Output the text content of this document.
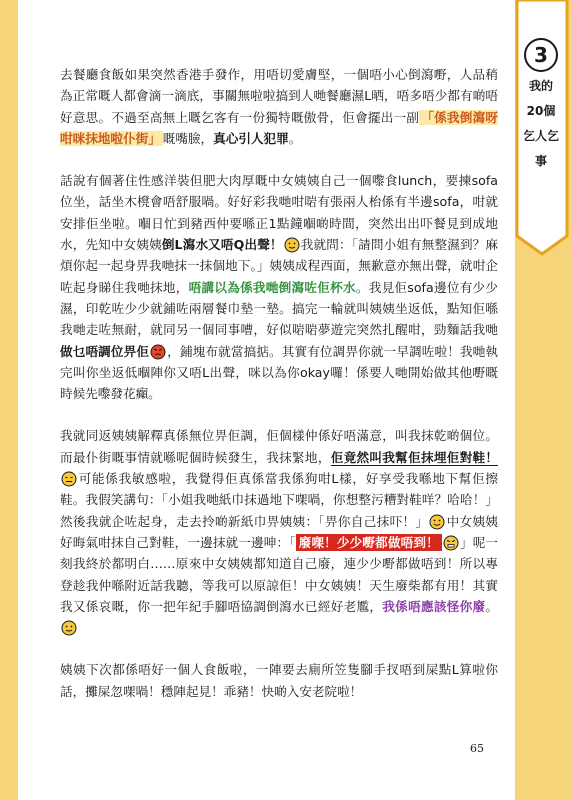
3
我的20個乞人乞事

去餐廳食飯如果突然香港手發作，用唔切愛膚堅，一個唔小心倒瀉嘢，人品稍為正常嘅人都會滴一滴底，事關無啦啦搞到人哋餐廳濕L晒，唔多唔少都有啲唔好意思。不過至高無上嘅乞客有一份獨特嘅傲骨，佢會擺出一副 「係我倒瀉呀咁咪抹地啦仆街」 嘅嘴臉，真心引人犯罪。

話說有個著住性感洋裝但肥大肉厚嘅中女姨姨自己一個嚟食lunch，要揀sofa位坐，話坐木櫈會唔舒服喎。好好彩我哋咁啱有張兩人枱係有半邊sofa，咁就安排佢坐啦。嗰日忙到豬西仲要喺正1點鐘嗰啲時間，突然出出吓餐見到成地水，先知中女姨姨倒L瀉水又唔Q出聲！ 我就問：「請問小姐有無整濕到？麻煩你起一起身畀我哋抹一抹個地下。」姨姨成程西面，無歉意亦無出聲，就咁企咗起身睇住我哋抹地，唔講以為係我哋倒瀉咗佢杯水。我見佢sofa邊位有少少濕，印乾咗少少就鋪咗兩層餐巾墊一墊。搞完一輪就叫姨姨坐返低，點知佢喺我哋走咗無耐，就同另一個同事嘈，好似啱啱夢遊完突然扎醒咁，勁麵話我哋做乜唔調位畀佢 ，鋪塊布就當搞掂。其實有位調畀你就一早調咗啦！我哋執完叫你坐返低嗰陣你又唔L出聲，咪以為你okay囉！係要人哋開始做其他嘢嘅時候先嚟發花癲。

我就同返姨姨解釋真係無位畀佢調，佢個樣仲係好唔滿意，叫我抹乾啲個位。而最仆街嘅事情就喺呢個時候發生，我抹緊地，佢竟然叫我幫佢抹埋佢對鞋！可能係我敏感啦，我覺得佢真係當我係狗咁L樣，好享受我喺地下幫佢擦鞋。我假笑講句：「小姐我哋紙巾抹過地下㗎喎，你想整污糟對鞋咩？哈哈！」然後我就企咗起身，走去拎啲新紙巾畀姨姨：「畀你自己抹吓！」 中女姨姨好晦氣咁抹自己對鞋，一邊抹就一邊呻：「 廢㗎！少少嘢都做唔到！ 」呢一刻我終於都明白……原來中女姨姨都知道自己廢，連少少嘢都做唔到！所以專登趁我仲喺附近話我聽，等我可以原諒佢！中女姨姨！天生廢柴都有用！其實我又係哀嘅，你一把年紀手腳唔協調倒瀉水已經好老尷，我係唔應該怪你廢。

姨姨下次都係唔好一個人食飯啦，一陣要去廁所笠隻腳手扠唔到屎點L算啦你話，攤屎忽㗎喎！穩陣起見！乖豬！快啲入安老院啦！

65
